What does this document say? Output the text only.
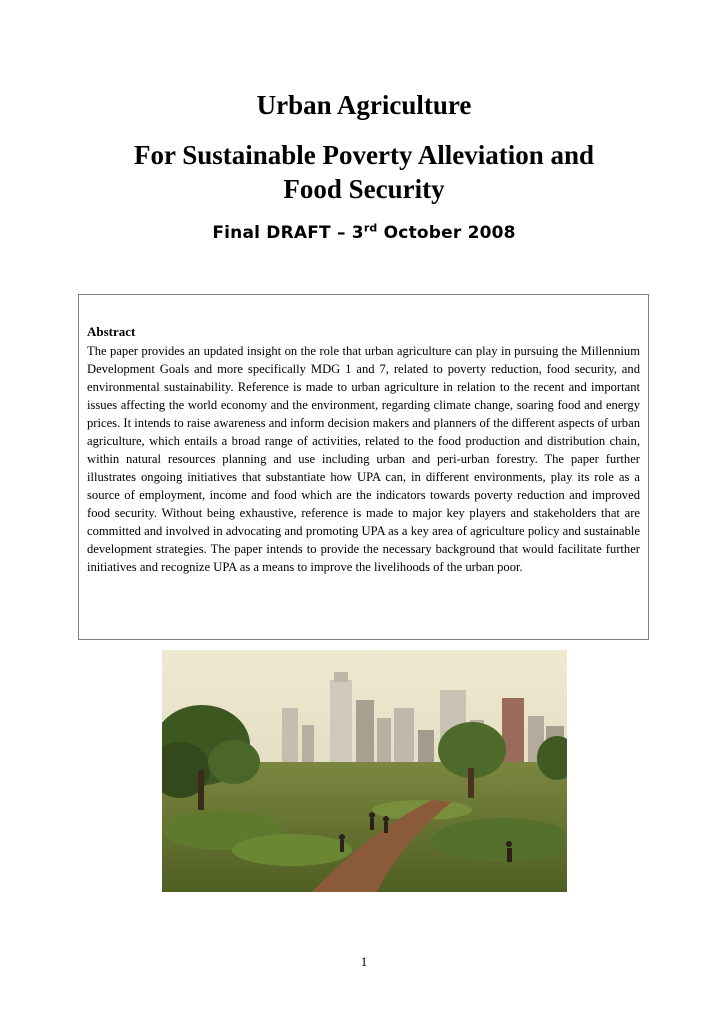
Urban Agriculture
For Sustainable Poverty Alleviation and
Food Security
Final DRAFT – 3rd October 2008

Abstract

The paper provides an updated insight on the role that urban agriculture can play in pursuing the Millennium Development Goals and more specifically MDG 1 and 7, related to poverty reduction, food security, and environmental sustainability. Reference is made to urban agriculture in relation to the recent and important issues affecting the world economy and the environment, regarding climate change, soaring food and energy prices. It intends to raise awareness and inform decision makers and planners of the different aspects of urban agriculture, which entails a broad range of activities, related to the food production and distribution chain, within natural resources planning and use including urban and peri-urban forestry. The paper further illustrates ongoing initiatives that substantiate how UPA can, in different environments, play its role as a source of employment, income and food which are the indicators towards poverty reduction and improved food security. Without being exhaustive, reference is made to major key players and stakeholders that are committed and involved in advocating and promoting UPA as a key area of agriculture policy and sustainable development strategies. The paper intends to provide the necessary background that would facilitate further initiatives and recognize UPA as a means to improve the livelihoods of the urban poor.

1
